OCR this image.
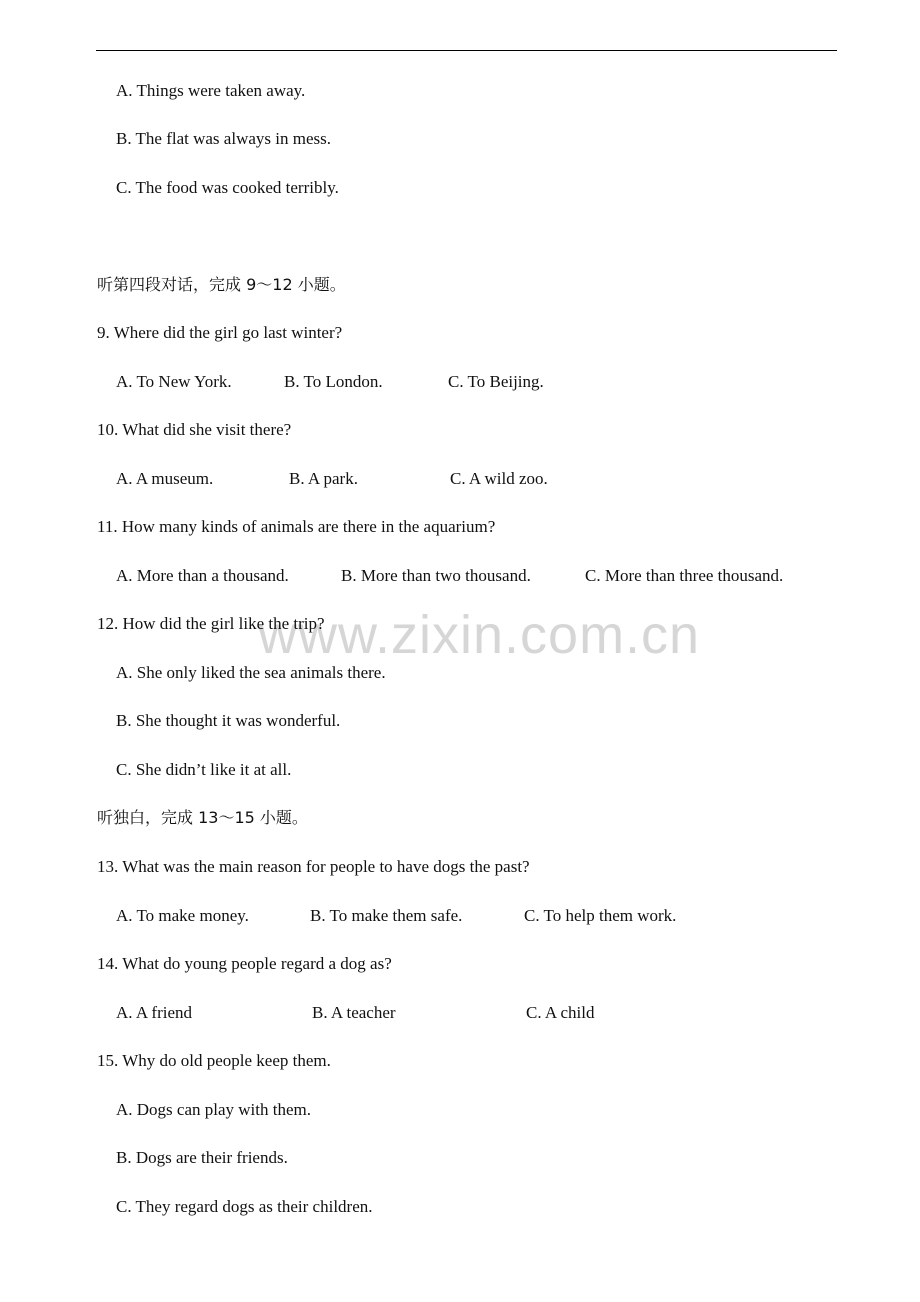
A. Things were taken away.
B. The flat was always in mess.
C. The food was cooked terribly.
听第四段对话，完成 9～12 小题。
9. Where did the girl go last winter?
A. To New York.	B. To London.	C. To Beijing.
10. What did she visit there?
A. A museum.	B. A park.	C. A wild zoo.
11. How many kinds of animals are there in the aquarium?
A. More than a thousand.	B. More than two thousand.	C. More than three thousand.
www.zixin.com.cn
12. How did the girl like the trip?
A. She only liked the sea animals there.
B. She thought it was wonderful.
C. She didn’t like it at all.
听独白，完成 13～15 小题。
13. What was the main reason for people to have dogs the past?
A. To make money.	B. To make them safe.	C. To help them work.
14. What do young people regard a dog as?
A. A friend	B. A teacher	C. A child
15. Why do old people keep them.
A. Dogs can play with them.
B. Dogs are their friends.
C. They regard dogs as their children.
